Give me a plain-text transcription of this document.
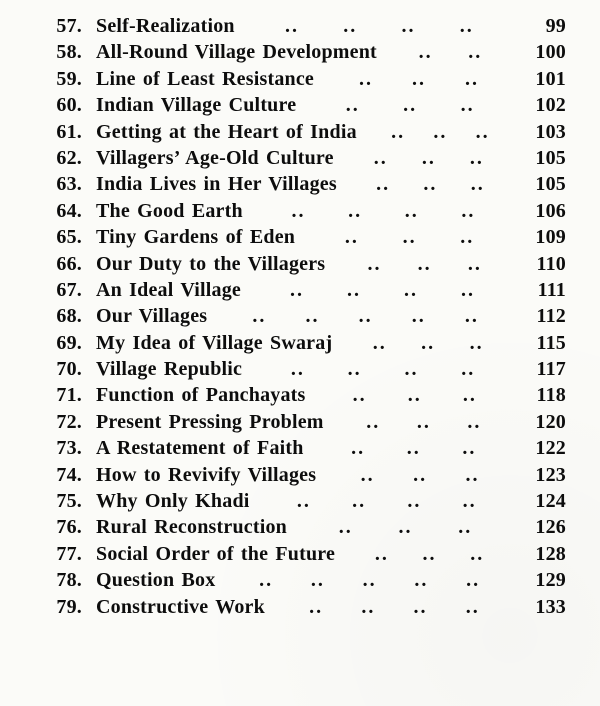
57. Self-Realization	.. .. .. ..	99
58. All-Round Village Development .. ..	100
59. Line of Least Resistance .. .. ..	101
60. Indian Village Culture .. .. ..	102
61. Getting at the Heart of India .. .. ..	103
62. Villagers’ Age-Old Culture .. .. ..	105
63. India Lives in Her Villages .. .. ..	105
64. The Good Earth .. .. .. ..	106
65. Tiny Gardens of Eden .. .. ..	109
66. Our Duty to the Villagers .. .. ..	110
67. An Ideal Village .. .. .. ..	111
68. Our Villages .. .. .. .. ..	112
69. My Idea of Village Swaraj .. .. ..	115
70. Village Republic .. .. .. ..	117
71. Function of Panchayats .. .. ..	118
72. Present Pressing Problem .. .. ..	120
73. A Restatement of Faith .. .. ..	122
74. How to Revivify Villages .. .. ..	123
75. Why Only Khadi .. .. .. ..	124
76. Rural Reconstruction	.. .. ..	126
77. Social Order of the Future .. .. ..	128
78. Question Box .. .. .. .. ..	129
79. Constructive Work .. .. .. ..	133
